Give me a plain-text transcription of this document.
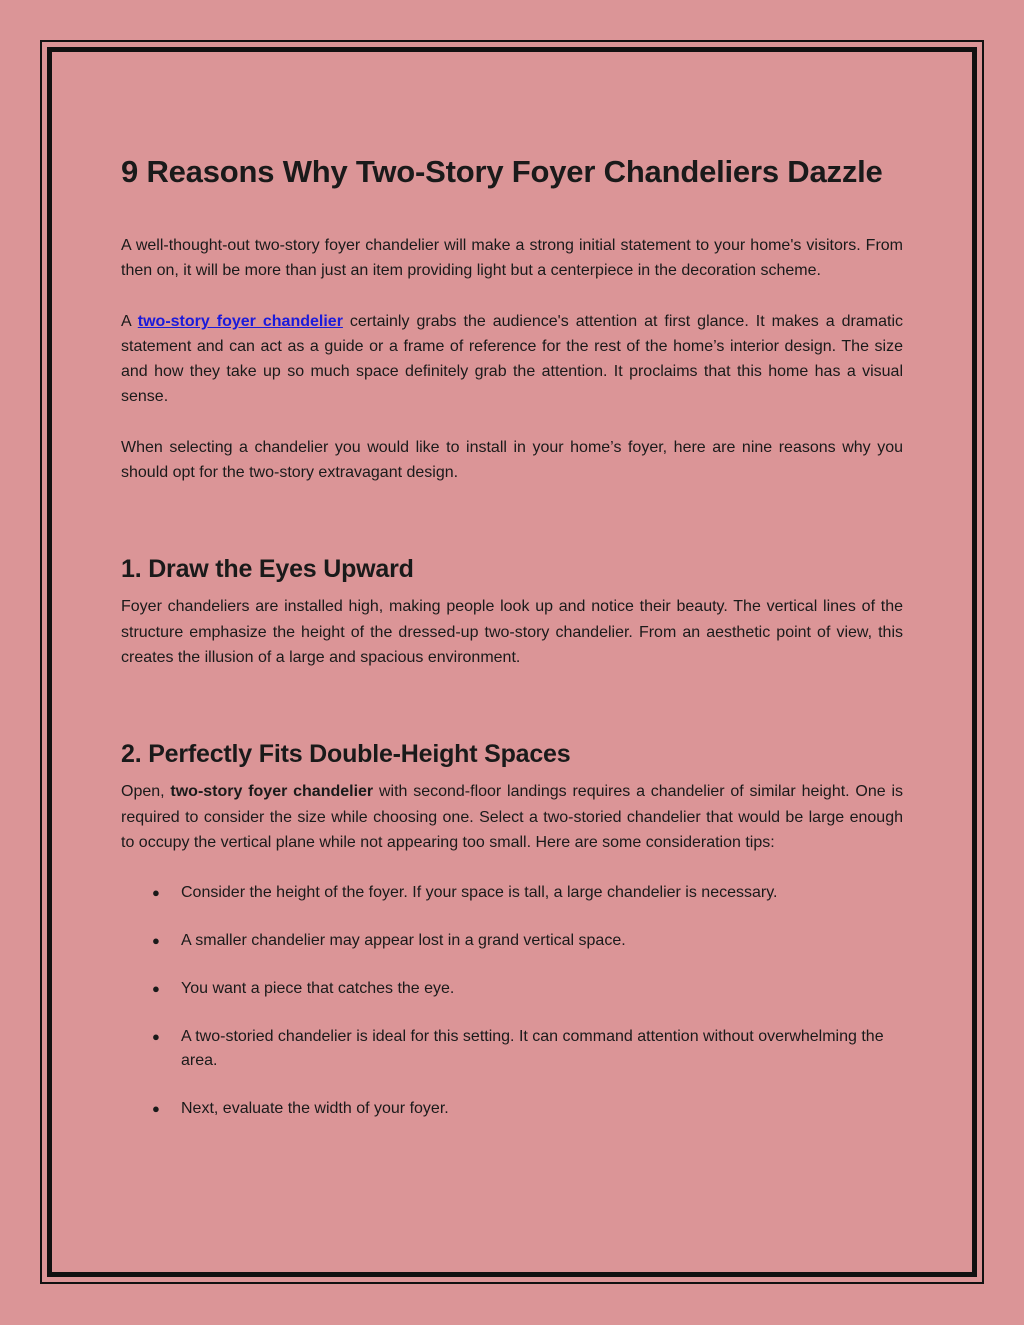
9 Reasons Why Two-Story Foyer Chandeliers Dazzle

A well-thought-out two-story foyer chandelier will make a strong initial statement to your home's visitors. From then on, it will be more than just an item providing light but a centerpiece in the decoration scheme.

A two-story foyer chandelier certainly grabs the audience's attention at first glance. It makes a dramatic statement and can act as a guide or a frame of reference for the rest of the home’s interior design. The size and how they take up so much space definitely grab the attention. It proclaims that this home has a visual sense.

When selecting a chandelier you would like to install in your home’s foyer, here are nine reasons why you should opt for the two-story extravagant design.

1. Draw the Eyes Upward

Foyer chandeliers are installed high, making people look up and notice their beauty. The vertical lines of the structure emphasize the height of the dressed-up two-story chandelier. From an aesthetic point of view, this creates the illusion of a large and spacious environment.

2. Perfectly Fits Double-Height Spaces

Open, two-story foyer chandelier with second-floor landings requires a chandelier of similar height. One is required to consider the size while choosing one. Select a two-storied chandelier that would be large enough to occupy the vertical plane while not appearing too small. Here are some consideration tips:

● Consider the height of the foyer. If your space is tall, a large chandelier is necessary.
● A smaller chandelier may appear lost in a grand vertical space.
● You want a piece that catches the eye.
● A two-storied chandelier is ideal for this setting. It can command attention without overwhelming the area.
● Next, evaluate the width of your foyer.
